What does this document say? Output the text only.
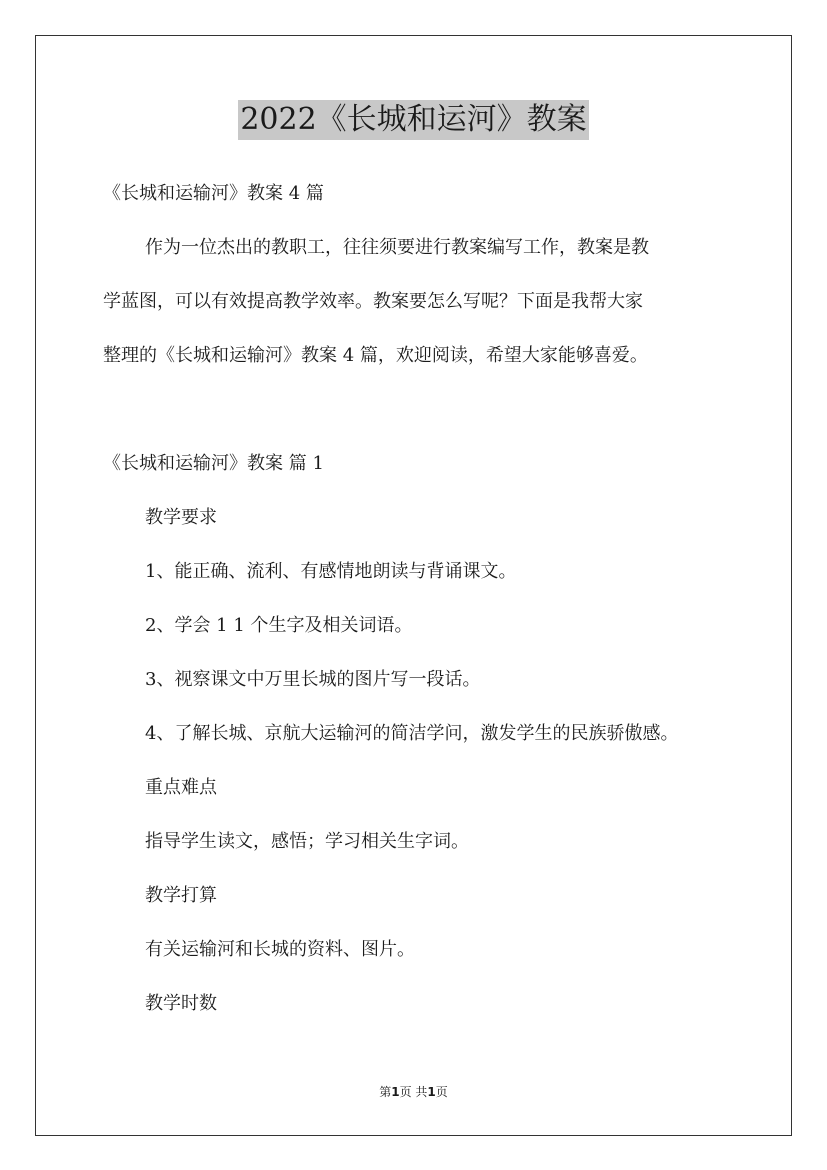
2022《长城和运河》教案
《长城和运输河》教案 4 篇
作为一位杰出的教职工，往往须要进行教案编写工作，教案是教
学蓝图，可以有效提高教学效率。教案要怎么写呢？下面是我帮大家
整理的《长城和运输河》教案 4 篇，欢迎阅读，希望大家能够喜爱。
《长城和运输河》教案 篇 1
教学要求
1、能正确、流利、有感情地朗读与背诵课文。
2、学会 1 1 个生字及相关词语。
3、视察课文中万里长城的图片写一段话。
4、了解长城、京航大运输河的简洁学问，激发学生的民族骄傲感。
重点难点
指导学生读文，感悟；学习相关生字词。
教学打算
有关运输河和长城的资料、图片。
教学时数
第1页 共1页
